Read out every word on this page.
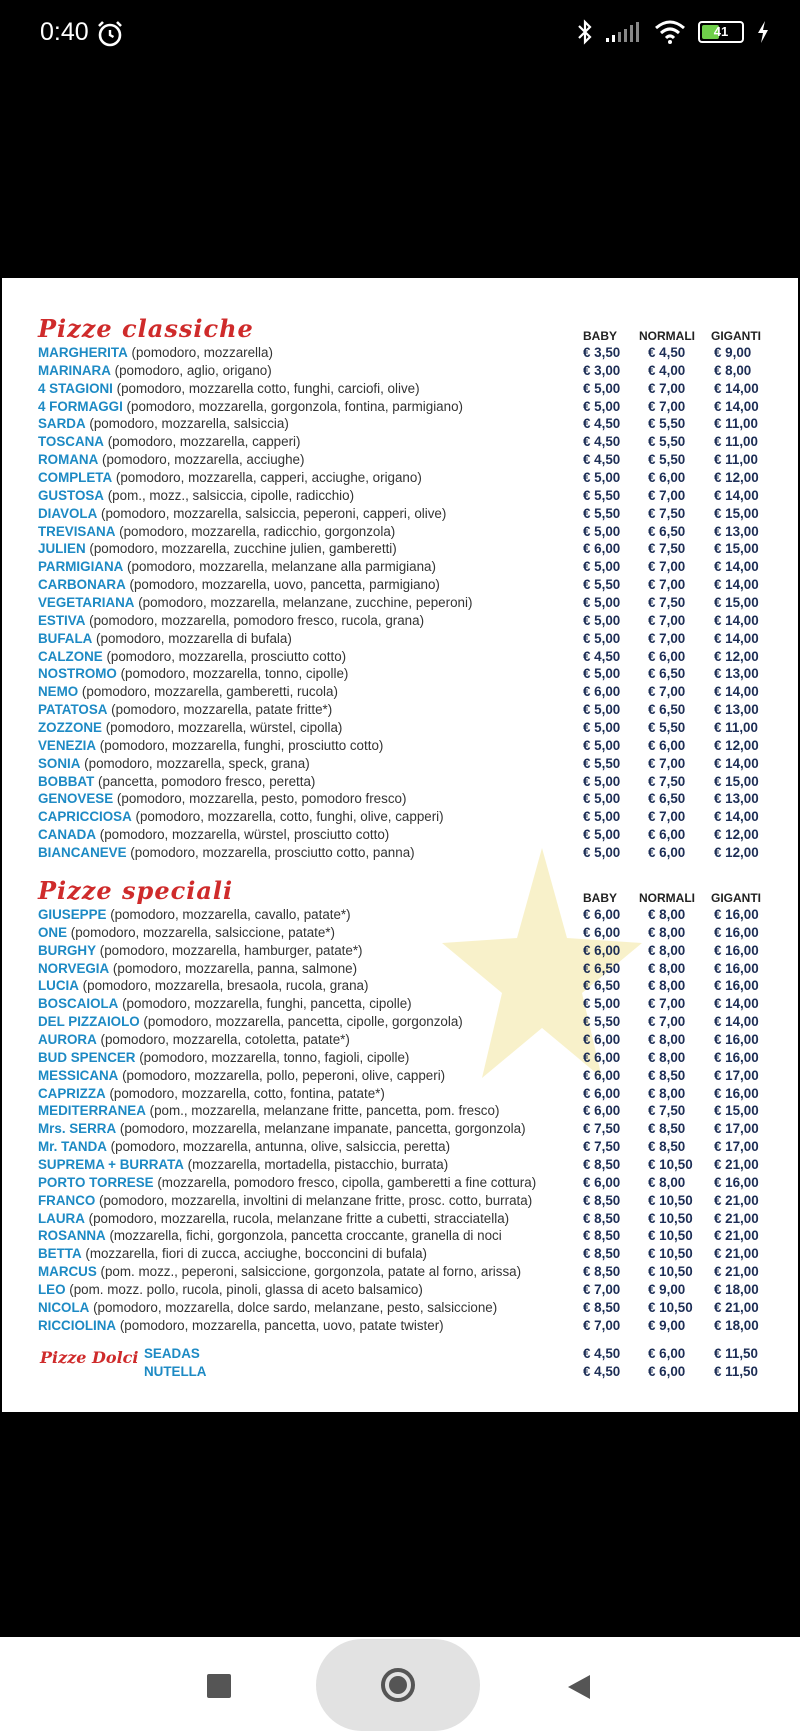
0:40	41
Pizze classiche	BABY	NORMALI	GIGANTI
MARGHERITA (pomodoro, mozzarella)	€ 3,50 € 4,50 € 9,00
MARINARA (pomodoro, aglio, origano)	€ 3,00 € 4,00 € 8,00
4 STAGIONI (pomodoro, mozzarella cotto, funghi, carciofi, olive)	€ 5,00 € 7,00 € 14,00
4 FORMAGGI (pomodoro, mozzarella, gorgonzola, fontina, parmigiano)	€ 5,00 € 7,00 € 14,00
SARDA (pomodoro, mozzarella, salsiccia)	€ 4,50 € 5,50 € 11,00
TOSCANA (pomodoro, mozzarella, capperi)	€ 4,50 € 5,50 € 11,00
ROMANA (pomodoro, mozzarella, acciughe)	€ 4,50 € 5,50 € 11,00
COMPLETA (pomodoro, mozzarella, capperi, acciughe, origano)	€ 5,00 € 6,00 € 12,00
GUSTOSA (pom., mozz., salsiccia, cipolle, radicchio)	€ 5,50 € 7,00 € 14,00
DIAVOLA (pomodoro, mozzarella, salsiccia, peperoni, capperi, olive)	€ 5,50 € 7,50 € 15,00
TREVISANA (pomodoro, mozzarella, radicchio, gorgonzola)	€ 5,00 € 6,50 € 13,00
JULIEN (pomodoro, mozzarella, zucchine julien, gamberetti)	€ 6,00 € 7,50 € 15,00
PARMIGIANA (pomodoro, mozzarella, melanzane alla parmigiana)	€ 5,00 € 7,00 € 14,00
CARBONARA (pomodoro, mozzarella, uovo, pancetta, parmigiano)	€ 5,50 € 7,00 € 14,00
VEGETARIANA (pomodoro, mozzarella, melanzane, zucchine, peperoni)	€ 5,00 € 7,50 € 15,00
ESTIVA (pomodoro, mozzarella, pomodoro fresco, rucola, grana)	€ 5,00 € 7,00 € 14,00
BUFALA (pomodoro, mozzarella di bufala)	€ 5,00 € 7,00 € 14,00
CALZONE (pomodoro, mozzarella, prosciutto cotto)	€ 4,50 € 6,00 € 12,00
NOSTROMO (pomodoro, mozzarella, tonno, cipolle)	€ 5,00 € 6,50 € 13,00
NEMO (pomodoro, mozzarella, gamberetti, rucola)	€ 6,00 € 7,00 € 14,00
PATATOSA (pomodoro, mozzarella, patate fritte*)	€ 5,00 € 6,50 € 13,00
ZOZZONE (pomodoro, mozzarella, würstel, cipolla)	€ 5,00 € 5,50 € 11,00
VENEZIA (pomodoro, mozzarella, funghi, prosciutto cotto)	€ 5,00 € 6,00 € 12,00
SONIA (pomodoro, mozzarella, speck, grana)	€ 5,50 € 7,00 € 14,00
BOBBAT (pancetta, pomodoro fresco, peretta)	€ 5,00 € 7,50 € 15,00
GENOVESE (pomodoro, mozzarella, pesto, pomodoro fresco)	€ 5,00 € 6,50 € 13,00
CAPRICCIOSA (pomodoro, mozzarella, cotto, funghi, olive, capperi)	€ 5,00 € 7,00 € 14,00
CANADA (pomodoro, mozzarella, würstel, prosciutto cotto)	€ 5,00 € 6,00 € 12,00
BIANCANEVE (pomodoro, mozzarella, prosciutto cotto, panna)	€ 5,00 € 6,00 € 12,00
Pizze speciali	BABY	NORMALI	GIGANTI
GIUSEPPE (pomodoro, mozzarella, cavallo, patate*)	€ 6,00 € 8,00 € 16,00
ONE (pomodoro, mozzarella, salsiccione, patate*)	€ 6,00 € 8,00 € 16,00
BURGHY (pomodoro, mozzarella, hamburger, patate*)	€ 6,00 € 8,00 € 16,00
NORVEGIA (pomodoro, mozzarella, panna, salmone)	€ 6,50 € 8,00 € 16,00
LUCIA (pomodoro, mozzarella, bresaola, rucola, grana)	€ 6,50 € 8,00 € 16,00
BOSCAIOLA (pomodoro, mozzarella, funghi, pancetta, cipolle)	€ 5,00 € 7,00 € 14,00
DEL PIZZAIOLO (pomodoro, mozzarella, pancetta, cipolle, gorgonzola)	€ 5,50 € 7,00 € 14,00
AURORA (pomodoro, mozzarella, cotoletta, patate*)	€ 6,00 € 8,00 € 16,00
BUD SPENCER (pomodoro, mozzarella, tonno, fagioli, cipolle)	€ 6,00 € 8,00 € 16,00
MESSICANA (pomodoro, mozzarella, pollo, peperoni, olive, capperi)	€ 6,00 € 8,50 € 17,00
CAPRIZZA (pomodoro, mozzarella, cotto, fontina, patate*)	€ 6,00 € 8,00 € 16,00
MEDITERRANEA (pom., mozzarella, melanzane fritte, pancetta, pom. fresco)	€ 6,00 € 7,50 € 15,00
Mrs. SERRA (pomodoro, mozzarella, melanzane impanate, pancetta, gorgonzola)	€ 7,50 € 8,50 € 17,00
Mr. TANDA (pomodoro, mozzarella, antunna, olive, salsiccia, peretta)	€ 7,50 € 8,50 € 17,00
SUPREMA + BURRATA (mozzarella, mortadella, pistacchio, burrata)	€ 8,50 € 10,50 € 21,00
PORTO TORRESE (mozzarella, pomodoro fresco, cipolla, gamberetti a fine cottura)	€ 6,00 € 8,00 € 16,00
FRANCO (pomodoro, mozzarella, involtini di melanzane fritte, prosc. cotto, burrata)	€ 8,50 € 10,50 € 21,00
LAURA (pomodoro, mozzarella, rucola, melanzane fritte a cubetti, stracciatella)	€ 8,50 € 10,50 € 21,00
ROSANNA (mozzarella, fichi, gorgonzola, pancetta croccante, granella di noci	€ 8,50 € 10,50 € 21,00
BETTA (mozzarella, fiori di zucca, acciughe, bocconcini di bufala)	€ 8,50 € 10,50 € 21,00
MARCUS (pom. mozz., peperoni, salsiccione, gorgonzola, patate al forno, arissa)	€ 8,50 € 10,50 € 21,00
LEO (pom. mozz. pollo, rucola, pinoli, glassa di aceto balsamico)	€ 7,00 € 9,00 € 18,00
NICOLA (pomodoro, mozzarella, dolce sardo, melanzane, pesto, salsiccione)	€ 8,50 € 10,50 € 21,00
RICCIOLINA (pomodoro, mozzarella, pancetta, uovo, patate twister)	€ 7,00 € 9,00 € 18,00
Pizze Dolci SEADAS	€ 4,50 € 6,00 € 11,50
NUTELLA	€ 4,50 € 6,00 € 11,50
